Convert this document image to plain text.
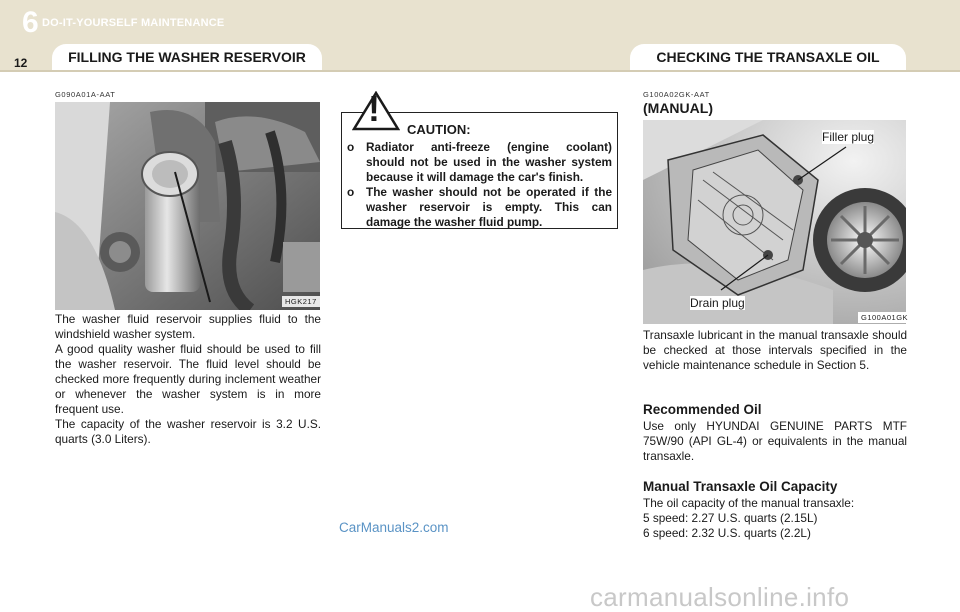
6 DO-IT-YOURSELF MAINTENANCE
12	FILLING THE WASHER RESERVOIR	CHECKING THE TRANSAXLE OIL
G090A01A-AAT
HGK217

The washer fluid reservoir supplies fluid to the windshield washer system.

A good quality washer fluid should be used to fill the washer reservoir. The fluid level should be checked more frequently during inclement weather or whenever the washer system is in more frequent use.

The capacity of the washer reservoir is 3.2 U.S. quarts (3.0 Liters).

!
CAUTION:
o Radiator anti-freeze (engine coolant) should not be used in the washer system because it will damage the car's finish.
o The washer should not be operated if the washer reservoir is empty. This can damage the washer fluid pump.
G100A02GK-AAT
(MANUAL)
Filler plug
Drain plug
G100A01GK
Transaxle lubricant in the manual transaxle should be checked at those intervals specified in the vehicle maintenance schedule in Section 5.
Recommended Oil
Use only HYUNDAI GENUINE PARTS MTF 75W/90 (API GL-4) or equivalents in the manual transaxle.
Manual Transaxle Oil Capacity

The oil capacity of the manual transaxle:

5 speed: 2.27 U.S. quarts (2.15L)

6 speed: 2.32 U.S. quarts (2.2L)

CarManuals2.com
carmanualsonline.info
